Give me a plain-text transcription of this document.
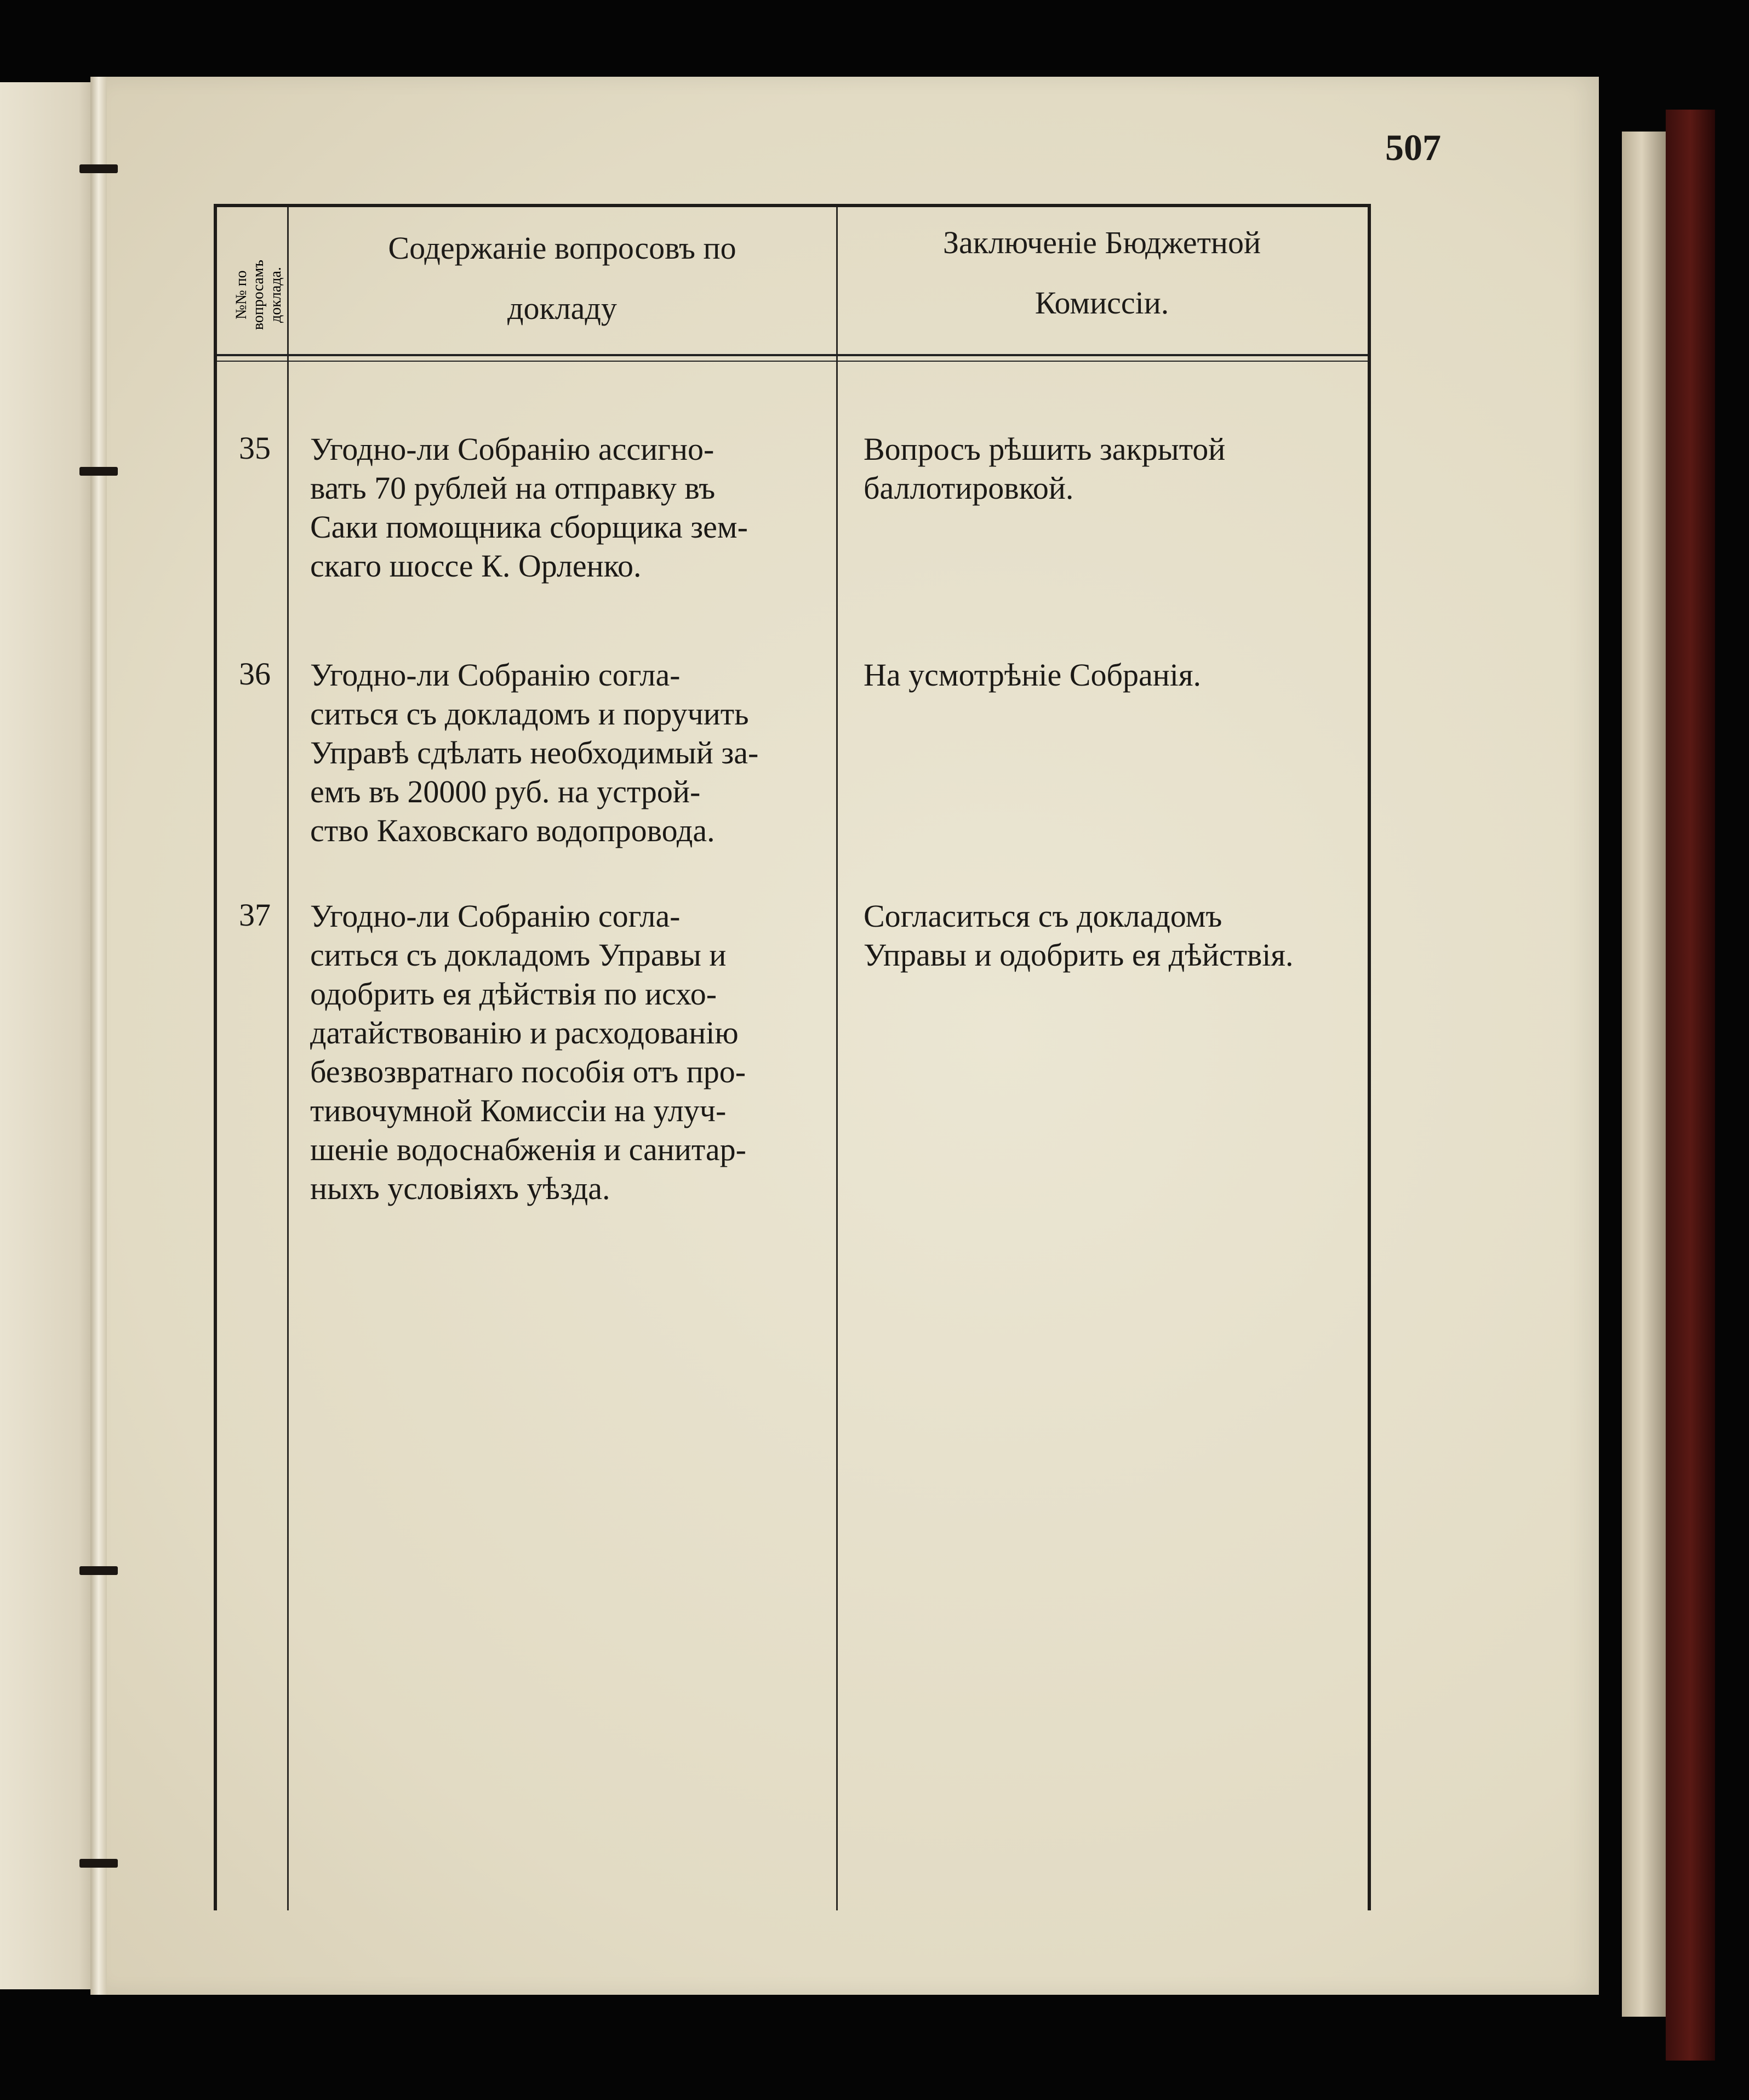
507
№№ по
вопросамъ
доклада.
Содержаніе вопросовъ по
докладу
Заключеніе Бюджетной
Комиссіи.
35 Угодно-ли Собранію ассигно-
вать 70 рублей на отправку въ
Саки помощника сборщика зем-
скаго шоссе К. Орленко.
Вопросъ рѣшить закрытой
баллотировкой.
36 Угодно-ли Собранію согла-
ситься съ докладомъ и поручить
Управѣ сдѣлать необходимый за-
емъ въ 20000 руб. на устрой-
ство Каховскаго водопровода.
На усмотрѣніе Собранія.
37 Угодно-ли Собранію согла-
ситься съ докладомъ Управы и
одобрить ея дѣйствія по исхо-
датайствованію и расходованію
безвозвратнаго пособія отъ про-
тивочумной Комиссіи на улуч-
шеніе водоснабженія и санитар-
ныхъ условіяхъ уѣзда.
Согласиться съ докладомъ
Управы и одобрить ея дѣйствія.
